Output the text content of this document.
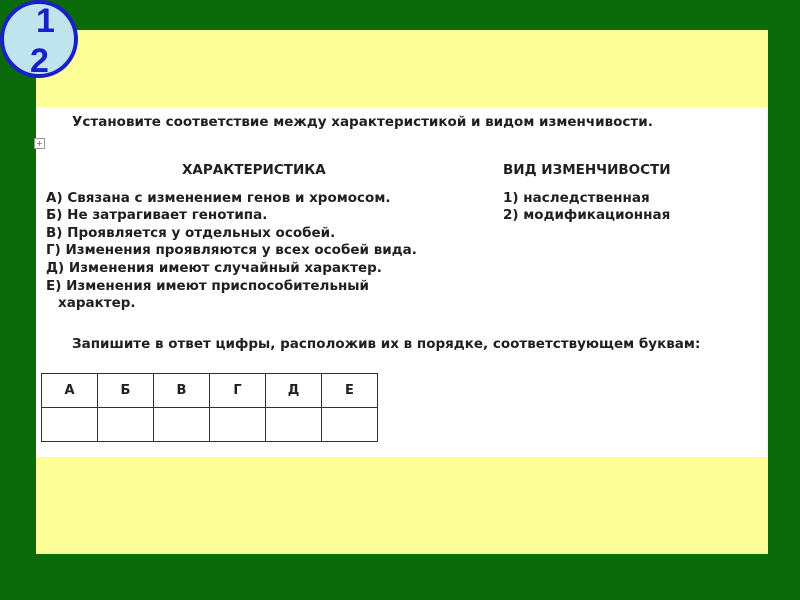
1
2
+
Установите соответствие между характеристикой и видом изменчивости.
ХАРАКТЕРИСТИКА	ВИД ИЗМЕНЧИВОСТИ
А) Связана с изменением генов и хромосом.
Б) Не затрагивает генотипа.
В) Проявляется у отдельных особей.
Г) Изменения проявляются у всех особей вида.
Д) Изменения имеют случайный характер.
Е) Изменения имеют приспособительный
характер.
1) наследственная
2) модификационная
Запишите в ответ цифры, расположив их в порядке, соответствующем буквам:
А	Б	В	Г	Д	Е
